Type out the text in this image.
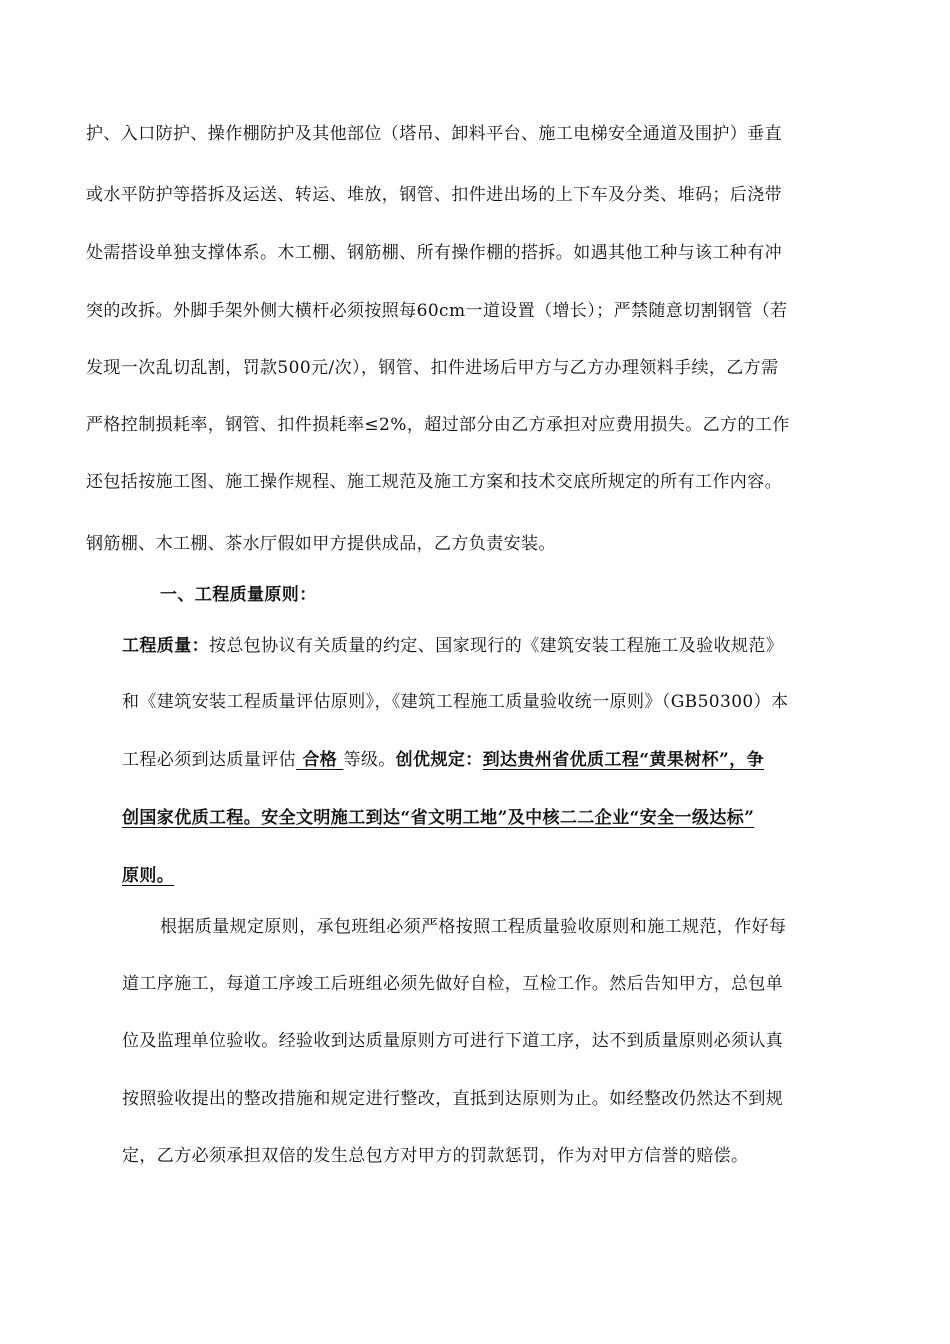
护、入口防护、操作棚防护及其他部位（塔吊、卸料平台、施工电梯安全通道及围护）垂直
或水平防护等搭拆及运送、转运、堆放，钢管、扣件进出场的上下车及分类、堆码；后浇带
处需搭设单独支撑体系。木工棚、钢筋棚、所有操作棚的搭拆。如遇其他工种与该工种有冲
突的改拆。外脚手架外侧大横杆必须按照每60cm一道设置（增长）；严禁随意切割钢管（若
发现一次乱切乱割，罚款500元/次），钢管、扣件进场后甲方与乙方办理领料手续，乙方需
严格控制损耗率，钢管、扣件损耗率≤2%，超过部分由乙方承担对应费用损失。乙方的工作
还包括按施工图、施工操作规程、施工规范及施工方案和技术交底所规定的所有工作内容。
钢筋棚、木工棚、茶水厅假如甲方提供成品，乙方负责安装。
一、工程质量原则：
工程质量：按总包协议有关质量的约定、国家现行的《建筑安装工程施工及验收规范》
和《建筑安装工程质量评估原则》，《建筑工程施工质量验收统一原则》（GB50300）本
工程必须到达质量评估 合格 等级。创优规定：到达贵州省优质工程“黄果树杯”，争
创国家优质工程。安全文明施工到达“省文明工地”及中核二二企业“安全一级达标”
原则。
根据质量规定原则，承包班组必须严格按照工程质量验收原则和施工规范，作好每
道工序施工，每道工序竣工后班组必须先做好自检，互检工作。然后告知甲方，总包单
位及监理单位验收。经验收到达质量原则方可进行下道工序，达不到质量原则必须认真
按照验收提出的整改措施和规定进行整改，直抵到达原则为止。如经整改仍然达不到规
定，乙方必须承担双倍的发生总包方对甲方的罚款惩罚，作为对甲方信誉的赔偿。
